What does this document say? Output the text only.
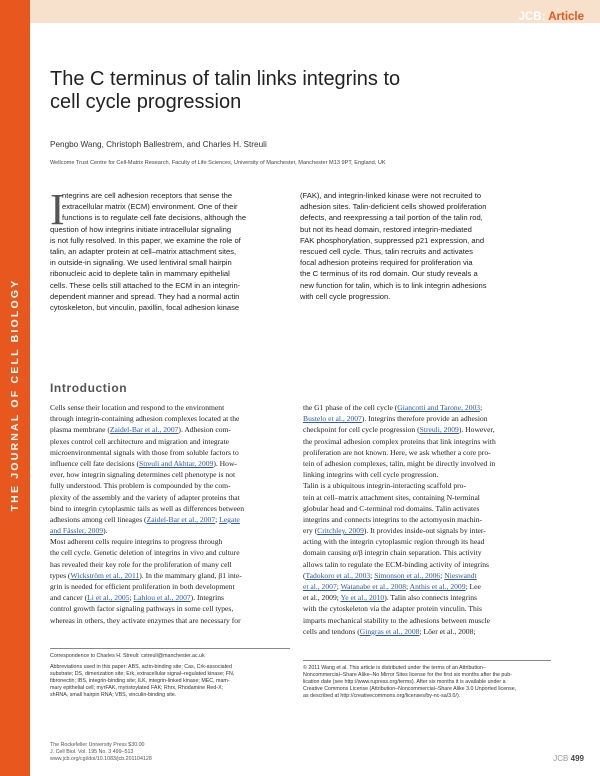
THE JOURNAL OF CELL BIOLOGY
JCB: Article
The C terminus of talin links integrins to
cell cycle progression
Pengbo Wang, Christoph Ballestrem, and Charles H. Streuli
Wellcome Trust Centre for Cell-Matrix Research, Faculty of Life Sciences, University of Manchester, Manchester M13 9PT, England, UK
I
ntegrins are cell adhesion receptors that sense the
extracellular matrix (ECM) environment. One of their
functions is to regulate cell fate decisions, although the
question of how integrins initiate intracellular signaling
is not fully resolved. In this paper, we examine the role of
talin, an adapter protein at cell–matrix attachment sites,
in outside-in signaling. We used lentiviral small hairpin
ribonucleic acid to deplete talin in mammary epithelial
cells. These cells still attached to the ECM in an integrin-
dependent manner and spread. They had a normal actin
cytoskeleton, but vinculin, paxillin, focal adhesion kinase
(FAK), and integrin-linked kinase were not recruited to
adhesion sites. Talin-deficient cells showed proliferation
defects, and reexpressing a tail portion of the talin rod,
but not its head domain, restored integrin-mediated
FAK phosphorylation, suppressed p21 expression, and
rescued cell cycle. Thus, talin recruits and activates
focal adhesion proteins required for proliferation via
the C terminus of its rod domain. Our study reveals a
new function for talin, which is to link integrin adhesions
with cell cycle progression.
Introduction
Cells sense their location and respond to the environment
through integrin-containing adhesion complexes located at the
plasma membrane (Zaidel-Bar et al., 2007). Adhesion com-
plexes control cell architecture and migration and integrate
microenvironmental signals with those from soluble factors to
influence cell fate decisions (Streuli and Akhtar, 2009). How-
ever, how integrin signaling determines cell phenotype is not
fully understood. This problem is compounded by the com-
plexity of the assembly and the variety of adapter proteins that
bind to integrin cytoplasmic tails as well as differences between
adhesions among cell lineages (Zaidel-Bar et al., 2007; Legate
and Fässler, 2009).
Most adherent cells require integrins to progress through
the cell cycle. Genetic deletion of integrins in vivo and culture
has revealed their key role for the proliferation of many cell
types (Wickström et al., 2011). In the mammary gland, β1 inte-
grin is needed for efficient proliferation in both development
and cancer (Li et al., 2005; Lahlou et al., 2007). Integrins
control growth factor signaling pathways in some cell types,
whereas in others, they activate enzymes that are necessary for
the G1 phase of the cell cycle (Giancotti and Tarone, 2003;
Bustelo et al., 2007). Integrins therefore provide an adhesion
checkpoint for cell cycle progression (Streuli, 2009). However,
the proximal adhesion complex proteins that link integrins with
proliferation are not known. Here, we ask whether a core pro-
tein of adhesion complexes, talin, might be directly involved in
linking integrins with cell cycle progression.
Talin is a ubiquitous integrin-interacting scaffold pro-
tein at cell–matrix attachment sites, containing N-terminal
globular head and C-terminal rod domains. Talin activates
integrins and connects integrins to the actomyosin machin-
ery (Critchley, 2009). It provides inside-out signals by inter-
acting with the integrin cytoplasmic region through its head
domain causing α/β integrin chain separation. This activity
allows talin to regulate the ECM-binding activity of integrins
(Tadokoro et al., 2003; Simonson et al., 2006; Nieswandt
et al., 2007; Watanabe et al., 2008; Anthis et al., 2009; Lee
et al., 2009; Ye et al., 2010). Talin also connects integrins
with the cytoskeleton via the adapter protein vinculin. This
imparts mechanical stability to the adhesions between muscle
cells and tendons (Gingras et al., 2008; Lőer et al., 2008;
Correspondence to Charles H. Streuli: cstreuli@manchester.ac.uk
Abbreviations used in this paper: ABS, actin-binding site; Cas, Crk-associated
substrate; DS, dimerization site; Erk, extracellular signal–regulated kinase; FN,
fibronectin; IBS, integrin-binding site; ILK, integrin-linked kinase; MEC, mam-
mary epithelial cell; myrFAK, myristoylated FAK; Rhrx, Rhodamine Red-X;
shRNA, small hairpin RNA; VBS, vinculin-binding site.
© 2011 Wang et al. This article is distributed under the terms of an Attribution–
Noncommercial–Share Alike–No Mirror Sites license for the first six months after the pub-
lication date (see http://www.rupress.org/terms). After six months it is available under a
Creative Commons License (Attribution–Noncommercial–Share Alike 3.0 Unported license,
as described at http://creativecommons.org/licenses/by-nc-sa/3.0/).
The Rockefeller University Press $30.00
J. Cell Biol. Vol. 195 No. 3 499–513
www.jcb.org/cgi/doi/10.1083/jcb.201104128	JCB 499
